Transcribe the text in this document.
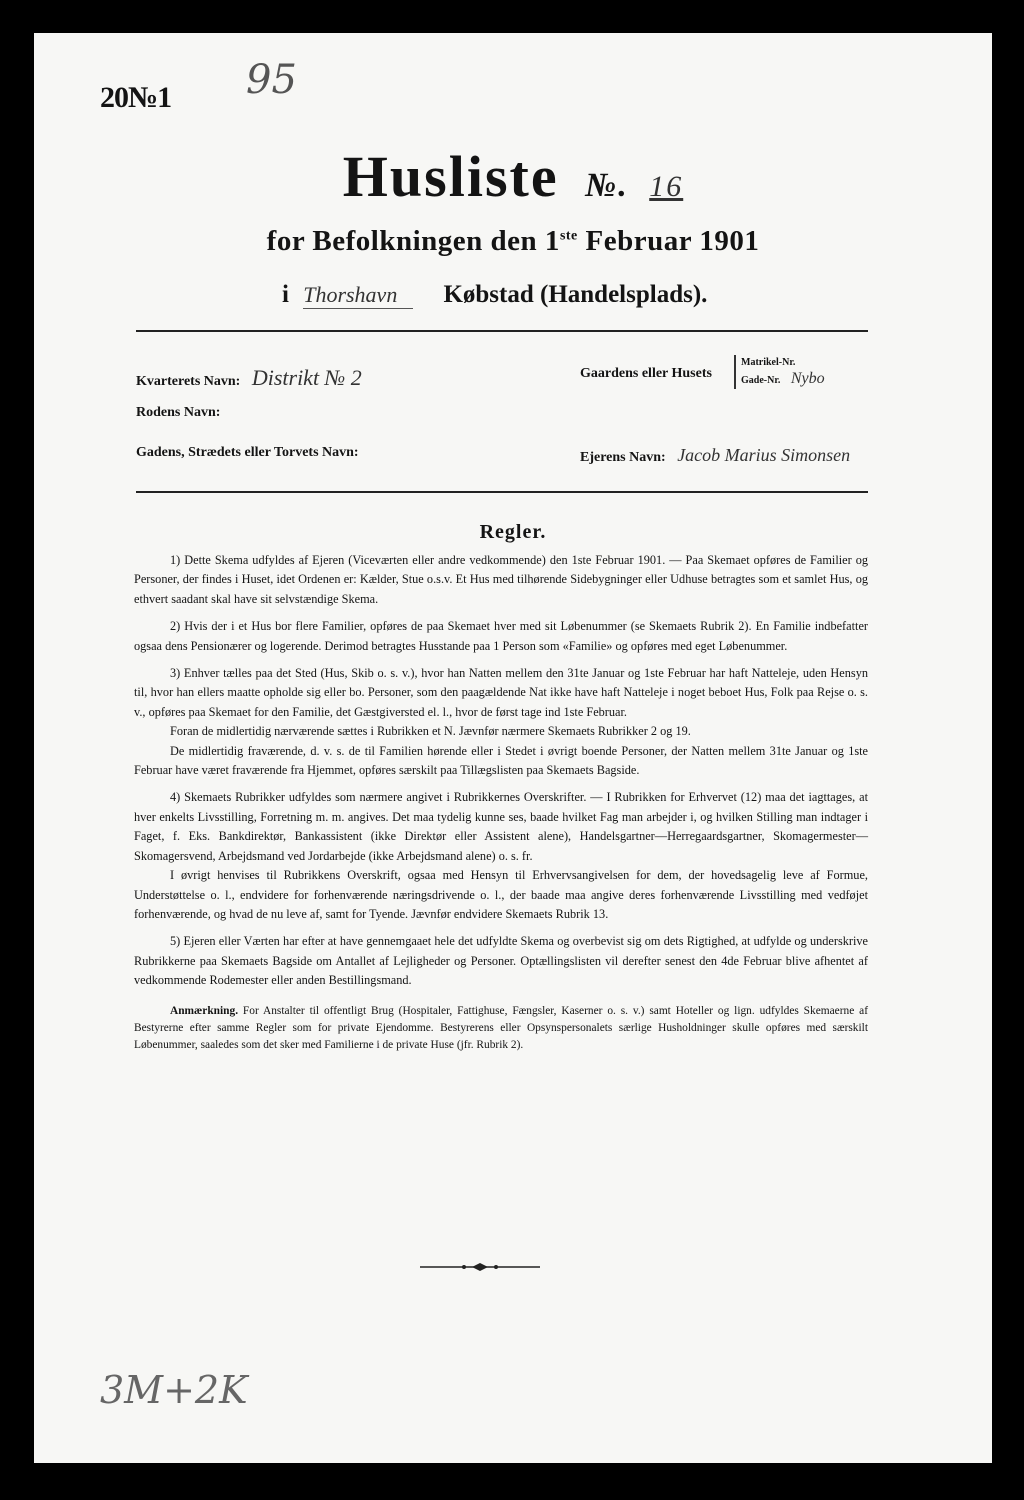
20№1 95
Husliste №. 16
for Befolkningen den 1ste Februar 1901
i Thorshavn Købstad (Handelsplads).
Kvarterets Navn: Distrikt № 2	Gaardens eller Husets
Matrikel-Nr.
Gade-Nr. Nybo
Rodens Navn:
Gadens, Strædets eller Torvets Navn:	Ejerens Navn: Jacob Marius Simonsen
Regler.

1) Dette Skema udfyldes af Ejeren (Viceværten eller andre vedkommende) den 1ste Februar 1901. — Paa Skemaet opføres de Familier og Personer, der findes i Huset, idet Ordenen er: Kælder, Stue o.s.v. Et Hus med tilhørende Sidebygninger eller Udhuse betragtes som et samlet Hus, og ethvert saadant skal have sit selvstændige Skema.

2) Hvis der i et Hus bor flere Familier, opføres de paa Skemaet hver med sit Løbenummer (se Skemaets Rubrik 2). En Familie indbefatter ogsaa dens Pensionærer og logerende. Derimod betragtes Husstande paa 1 Person som «Familie» og opføres med eget Løbenummer.

3) Enhver tælles paa det Sted (Hus, Skib o. s. v.), hvor han Natten mellem den 31te Januar og 1ste Februar har haft Natteleje, uden Hensyn til, hvor han ellers maatte opholde sig eller bo. Personer, som den paagældende Nat ikke have haft Natteleje i noget beboet Hus, Folk paa Rejse o. s. v., opføres paa Skemaet for den Familie, det Gæstgiversted el. l., hvor de først tage ind 1ste Februar.

Foran de midlertidig nærværende sættes i Rubrikken et N. Jævnfør nærmere Skemaets Rubrikker 2 og 19.

De midlertidig fraværende, d. v. s. de til Familien hørende eller i Stedet i øvrigt boende Personer, der Natten mellem 31te Januar og 1ste Februar have været fraværende fra Hjemmet, opføres særskilt paa Tillægslisten paa Skemaets Bagside.

4) Skemaets Rubrikker udfyldes som nærmere angivet i Rubrikkernes Overskrifter. — I Rubrikken for Erhvervet (12) maa det iagttages, at hver enkelts Livsstilling, Forretning m. m. angives. Det maa tydelig kunne ses, baade hvilket Fag man arbejder i, og hvilken Stilling man indtager i Faget, f. Eks. Bankdirektør, Bankassistent (ikke Direktør eller Assistent alene), Handelsgartner—Herregaardsgartner, Skomagermester—Skomagersvend, Arbejdsmand ved Jordarbejde (ikke Arbejdsmand alene) o. s. fr.

I øvrigt henvises til Rubrikkens Overskrift, ogsaa med Hensyn til Erhvervsangivelsen for dem, der hovedsagelig leve af Formue, Understøttelse o. l., endvidere for forhenværende næringsdrivende o. l., der baade maa angive deres forhenværende Livsstilling med vedføjet forhenværende, og hvad de nu leve af, samt for Tyende. Jævnfør endvidere Skemaets Rubrik 13.

5) Ejeren eller Værten har efter at have gennemgaaet hele det udfyldte Skema og overbevist sig om dets Rigtighed, at udfylde og underskrive Rubrikkerne paa Skemaets Bagside om Antallet af Lejligheder og Personer. Optællingslisten vil derefter senest den 4de Februar blive afhentet af vedkommende Rodemester eller anden Bestillingsmand.

Anmærkning. For Anstalter til offentligt Brug (Hospitaler, Fattighuse, Fængsler, Kaserner o. s. v.) samt Hoteller og lign. udfyldes Skemaerne af Bestyrerne efter samme Regler som for private Ejendomme. Bestyrerens eller Opsynspersonalets særlige Husholdninger skulle opføres med særskilt Løbenummer, saaledes som det sker med Familierne i de private Huse (jfr. Rubrik 2).

3M+2K
